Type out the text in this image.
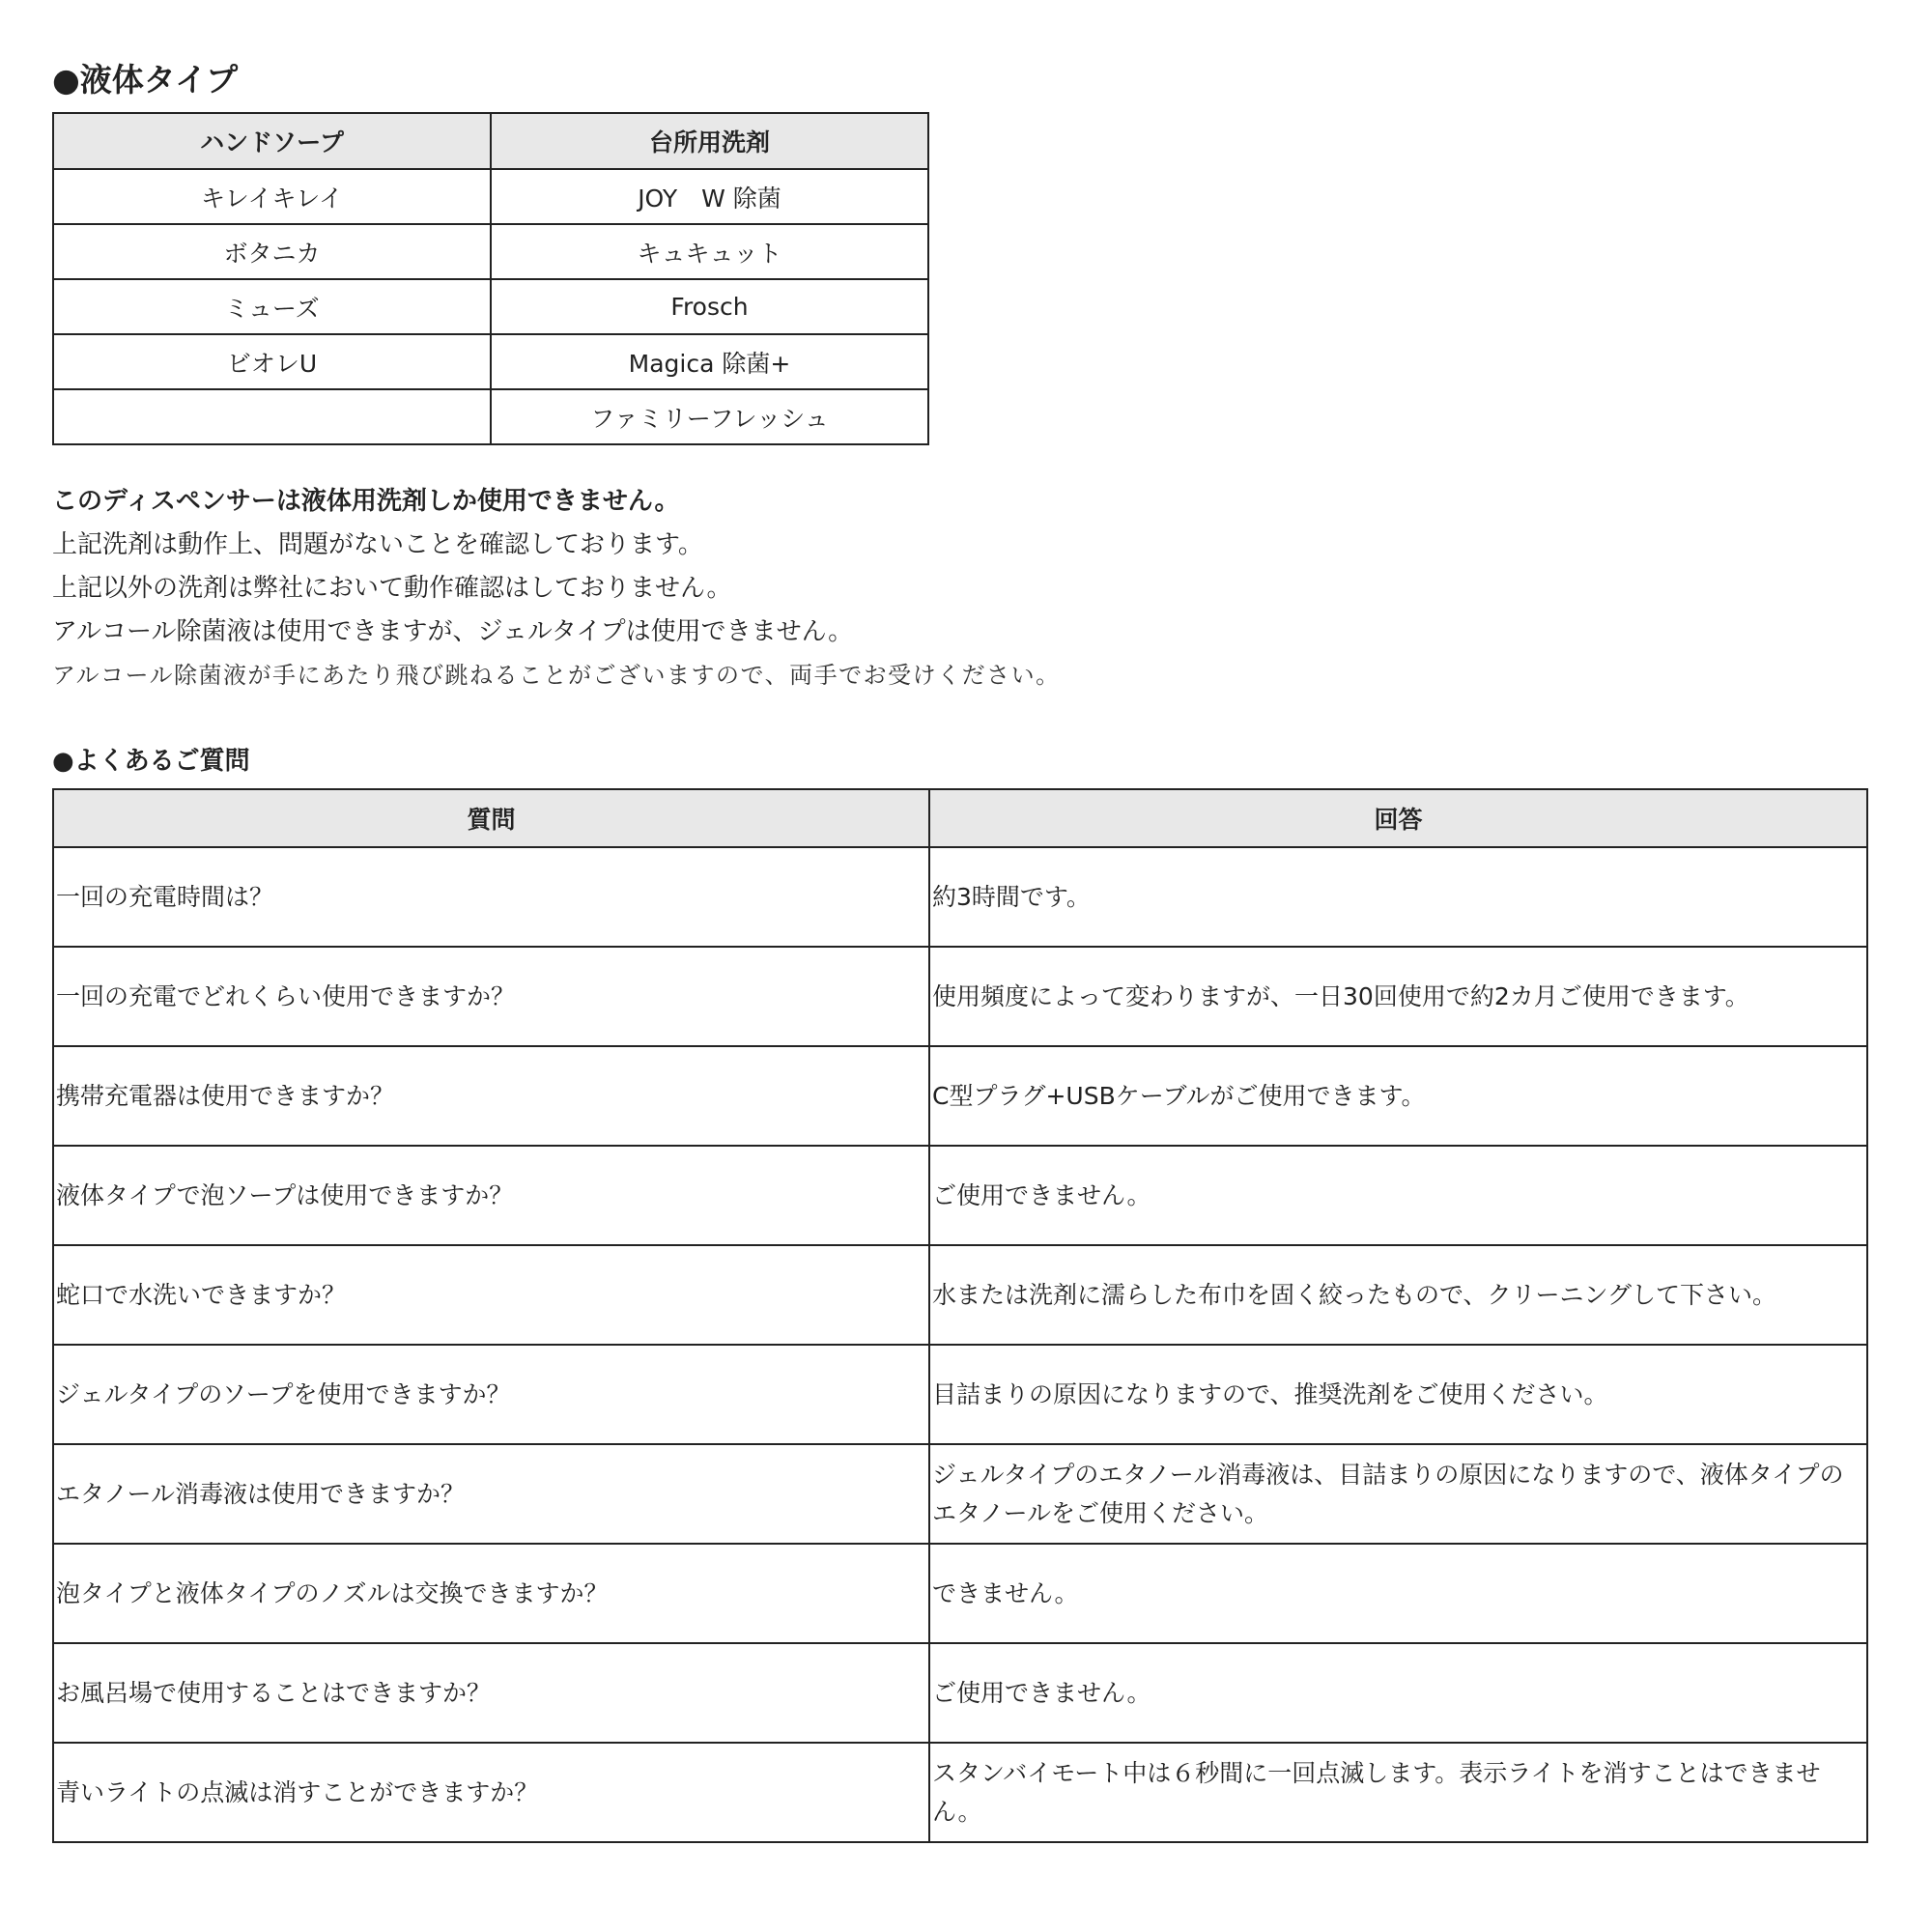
●液体タイプ
ハンドソープ	台所用洗剤
キレイキレイ	JOY　W 除菌
ボタニカ	キュキュット
ミューズ	Frosch
ビオレU	Magica 除菌+
	ファミリーフレッシュ
このディスペンサーは液体用洗剤しか使用できません。
上記洗剤は動作上、問題がないことを確認しております。
上記以外の洗剤は弊社において動作確認はしておりません。
アルコール除菌液は使用できますが、ジェルタイプは使用できません。
アルコール除菌液が手にあたり飛び跳ねることがございますので、両手でお受けください。
●よくあるご質問
質問	回答
一回の充電時間は？	約3時間です。
一回の充電でどれくらい使用できますか？	使用頻度によって変わりますが、一日30回使用で約2カ月ご使用できます。
携帯充電器は使用できますか？	C型プラグ+USBケーブルがご使用できます。
液体タイプで泡ソープは使用できますか？	ご使用できません。
蛇口で水洗いできますか？	水または洗剤に濡らした布巾を固く絞ったもので、クリーニングして下さい。
ジェルタイプのソープを使用できますか？	目詰まりの原因になりますので、推奨洗剤をご使用ください。
エタノール消毒液は使用できますか？	ジェルタイプのエタノール消毒液は、目詰まりの原因になりますので、液体タイプのエタノールをご使用ください。
泡タイプと液体タイプのノズルは交換できますか？	できません。
お風呂場で使用することはできますか？	ご使用できません。
青いライトの点滅は消すことができますか？	スタンバイモート中は６秒間に一回点滅します。表示ライトを消すことはできません。
